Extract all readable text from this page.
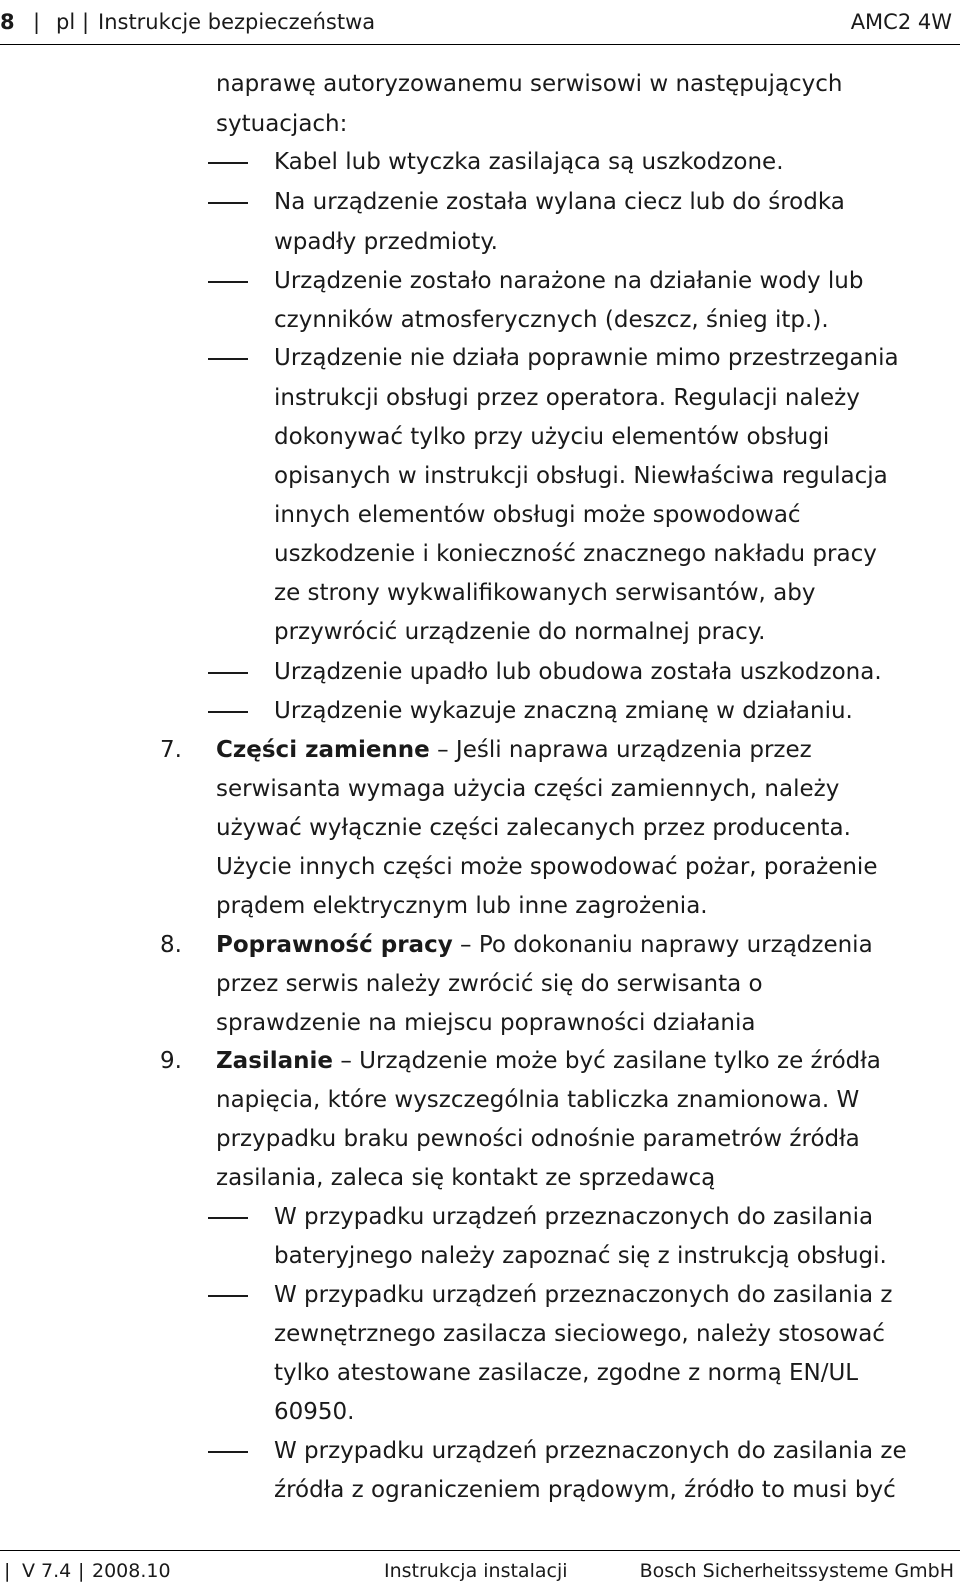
8 | pl | Instrukcje bezpieczeństwa	AMC2 4W
naprawę autoryzowanemu serwisowi w następujących
sytuacjach:
Kabel lub wtyczka zasilająca są uszkodzone.
Na urządzenie została wylana ciecz lub do środka
wpadły przedmioty.
Urządzenie zostało narażone na działanie wody lub
czynników atmosferycznych (deszcz, śnieg itp.).
Urządzenie nie działa poprawnie mimo przestrzegania
instrukcji obsługi przez operatora. Regulacji należy
dokonywać tylko przy użyciu elementów obsługi
opisanych w instrukcji obsługi. Niewłaściwa regulacja
innych elementów obsługi może spowodować
uszkodzenie i konieczność znacznego nakładu pracy
ze strony wykwalifikowanych serwisantów, aby
przywrócić urządzenie do normalnej pracy.
Urządzenie upadło lub obudowa została uszkodzona.
Urządzenie wykazuje znaczną zmianę w działaniu.
7. Części zamienne – Jeśli naprawa urządzenia przez
serwisanta wymaga użycia części zamiennych, należy
używać wyłącznie części zalecanych przez producenta.
Użycie innych części może spowodować pożar, porażenie
prądem elektrycznym lub inne zagrożenia.
8. Poprawność pracy – Po dokonaniu naprawy urządzenia
przez serwis należy zwrócić się do serwisanta o
sprawdzenie na miejscu poprawności działania
9. Zasilanie – Urządzenie może być zasilane tylko ze źródła
napięcia, które wyszczególnia tabliczka znamionowa. W
przypadku braku pewności odnośnie parametrów źródła
zasilania, zaleca się kontakt ze sprzedawcą
W przypadku urządzeń przeznaczonych do zasilania
bateryjnego należy zapoznać się z instrukcją obsługi.
W przypadku urządzeń przeznaczonych do zasilania z
zewnętrznego zasilacza sieciowego, należy stosować
tylko atestowane zasilacze, zgodne z normą EN/UL
60950.
W przypadku urządzeń przeznaczonych do zasilania ze
źródła z ograniczeniem prądowym, źródło to musi być
| V 7.4 | 2008.10	Instrukcja instalacji	Bosch Sicherheitssysteme GmbH
